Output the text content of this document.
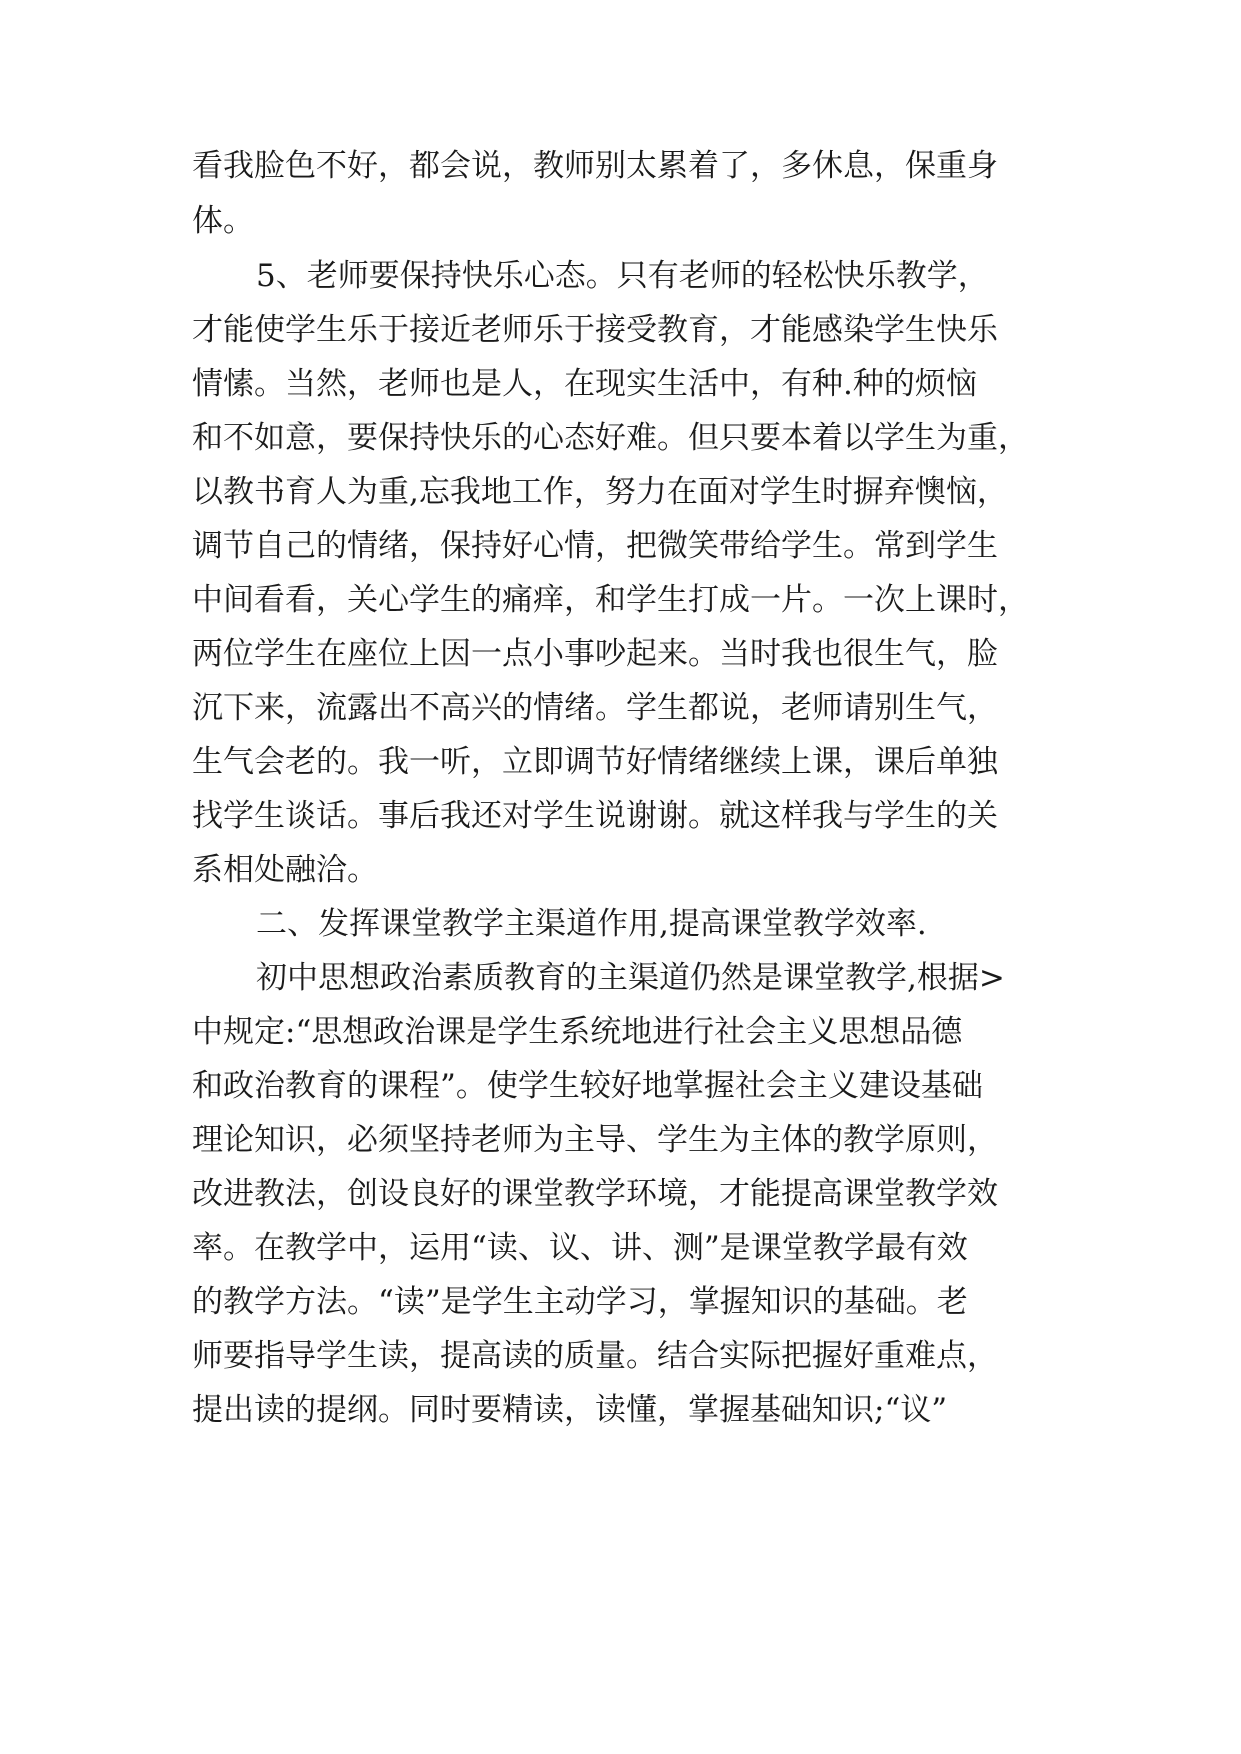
看我脸色不好，都会说，教师别太累着了，多休息，保重身
体。
5、老师要保持快乐心态。只有老师的轻松快乐教学，
才能使学生乐于接近老师乐于接受教育，才能感染学生快乐
情愫。当然，老师也是人，在现实生活中，有种.种的烦恼
和不如意，要保持快乐的心态好难。但只要本着以学生为重，
以教书育人为重,忘我地工作，努力在面对学生时摒弃懊恼，
调节自己的情绪，保持好心情，把微笑带给学生。常到学生
中间看看，关心学生的痛痒，和学生打成一片。一次上课时，
两位学生在座位上因一点小事吵起来。当时我也很生气，脸
沉下来，流露出不高兴的情绪。学生都说，老师请别生气，
生气会老的。我一听，立即调节好情绪继续上课，课后单独
找学生谈话。事后我还对学生说谢谢。就这样我与学生的关
系相处融洽。
二、发挥课堂教学主渠道作用,提高课堂教学效率.
初中思想政治素质教育的主渠道仍然是课堂教学,根据>
中规定:“思想政治课是学生系统地进行社会主义思想品德
和政治教育的课程”。使学生较好地掌握社会主义建设基础
理论知识，必须坚持老师为主导、学生为主体的教学原则，
改进教法，创设良好的课堂教学环境，才能提高课堂教学效
率。在教学中，运用“读、议、讲、测”是课堂教学最有效
的教学方法。“读”是学生主动学习，掌握知识的基础。老
师要指导学生读，提高读的质量。结合实际把握好重难点，
提出读的提纲。同时要精读，读懂，掌握基础知识;“议”
